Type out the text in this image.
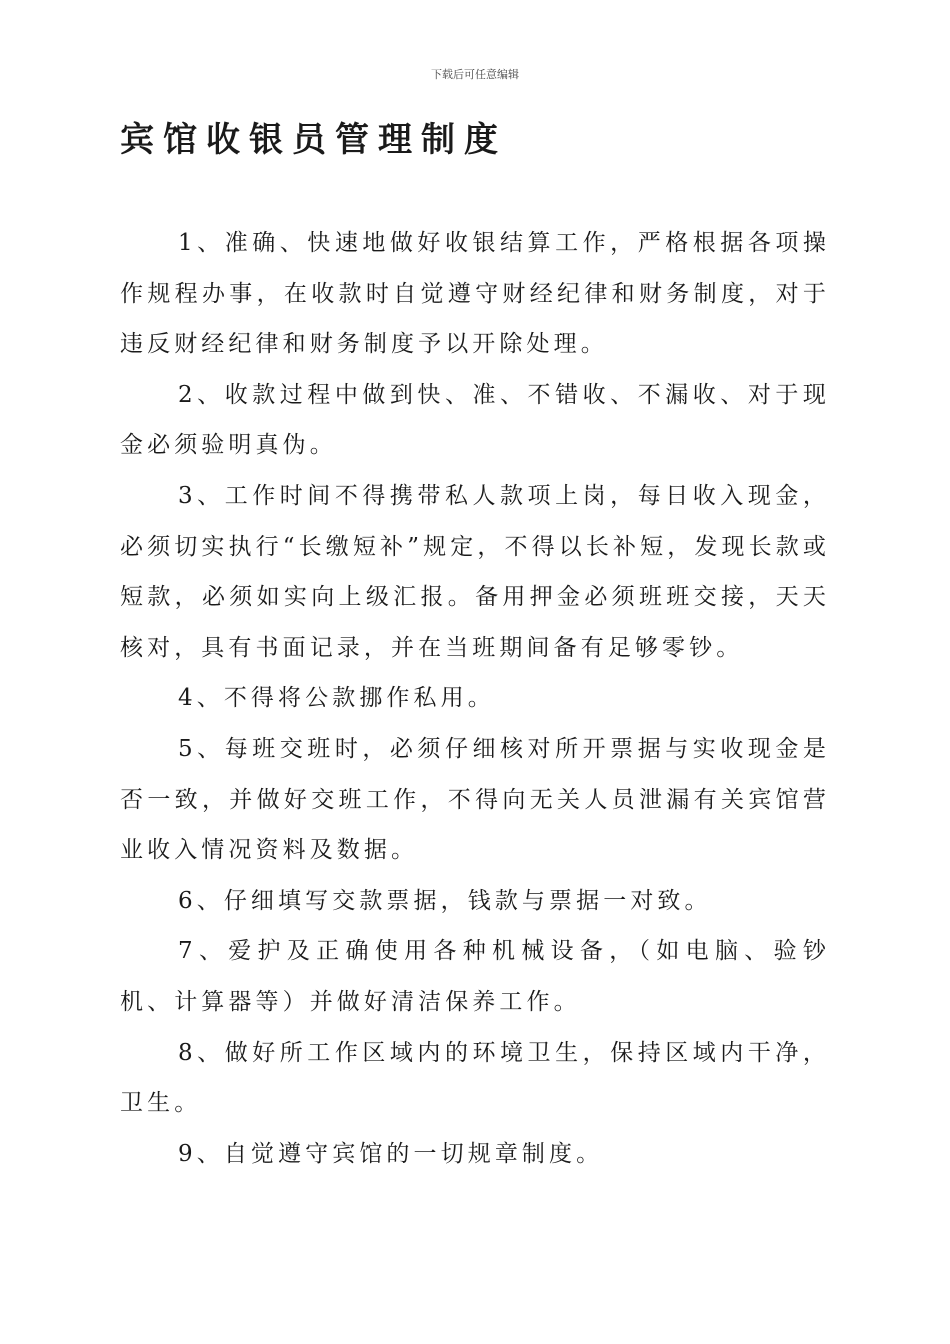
下载后可任意编辑
宾馆收银员管理制度

1、准确、快速地做好收银结算工作，严格根据各项操作规程办事，在收款时自觉遵守财经纪律和财务制度，对于违反财经纪律和财务制度予以开除处理。

2、收款过程中做到快、准、不错收、不漏收、对于现金必须验明真伪。

3、工作时间不得携带私人款项上岗，每日收入现金，必须切实执行“长缴短补”规定，不得以长补短，发现长款或短款，必须如实向上级汇报。备用押金必须班班交接，天天核对，具有书面记录，并在当班期间备有足够零钞。

4、不得将公款挪作私用。

5、每班交班时，必须仔细核对所开票据与实收现金是否一致，并做好交班工作，不得向无关人员泄漏有关宾馆营业收入情况资料及数据。

6、仔细填写交款票据，钱款与票据一对致。

7、爱护及正确使用各种机械设备，（如电脑、验钞机、计算器等）并做好清洁保养工作。

8、做好所工作区域内的环境卫生，保持区域内干净，卫生。

9、自觉遵守宾馆的一切规章制度。
